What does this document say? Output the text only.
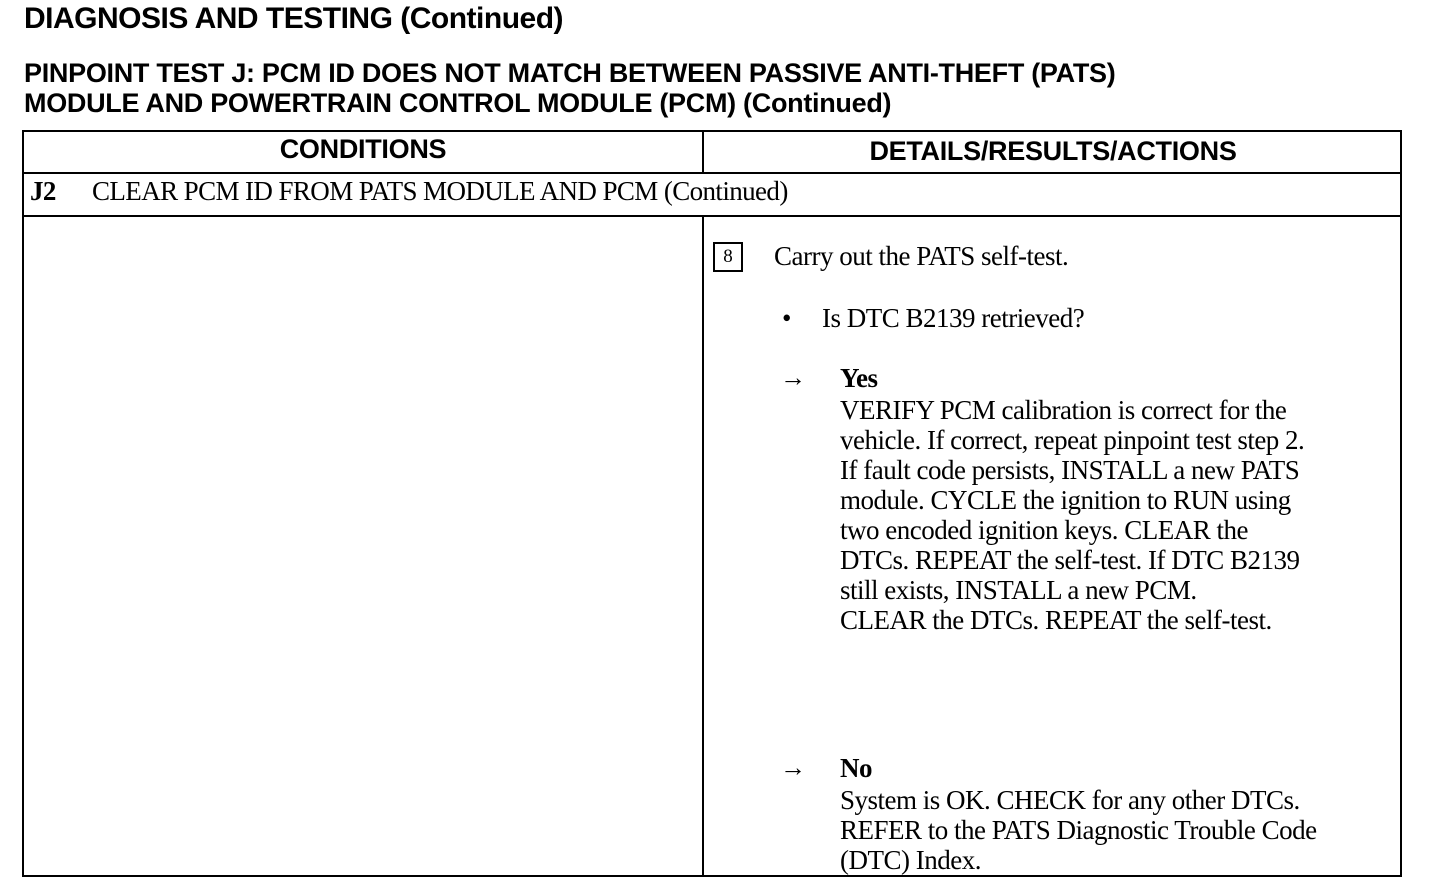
DIAGNOSIS AND TESTING (Continued)
PINPOINT TEST J: PCM ID DOES NOT MATCH BETWEEN PASSIVE ANTI-THEFT (PATS)
MODULE AND POWERTRAIN CONTROL MODULE (PCM) (Continued)
CONDITIONS	DETAILS/RESULTS/ACTIONS
J2 CLEAR PCM ID FROM PATS MODULE AND PCM (Continued)
8	Carry out the PATS self-test.
• Is DTC B2139 retrieved?
→ Yes
VERIFY PCM calibration is correct for the
vehicle. If correct, repeat pinpoint test step 2.
If fault code persists, INSTALL a new PATS
module. CYCLE the ignition to RUN using
two encoded ignition keys. CLEAR the
DTCs. REPEAT the self-test. If DTC B2139
still exists, INSTALL a new PCM.
CLEAR the DTCs. REPEAT the self-test.
→ No
System is OK. CHECK for any other DTCs.
REFER to the PATS Diagnostic Trouble Code
(DTC) Index.
